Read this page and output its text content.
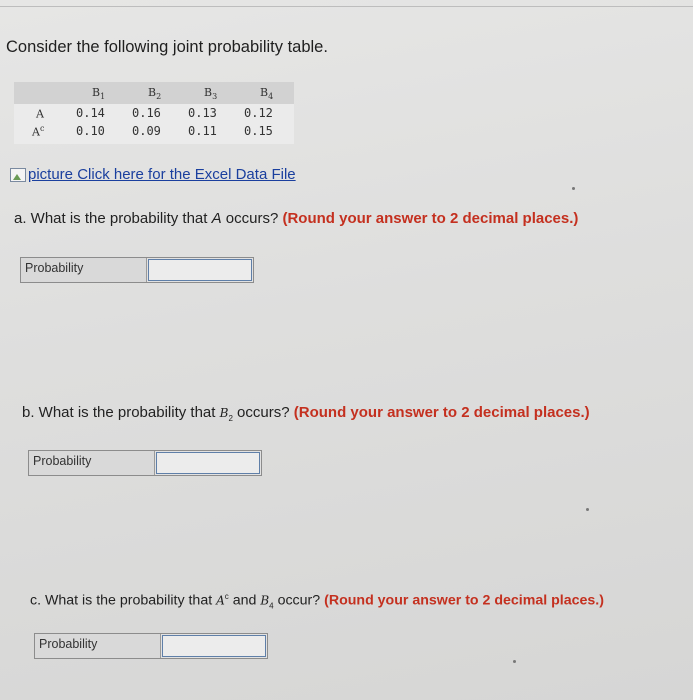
Consider the following joint probability table.
$B_1$	$B_2$	$B_3$	$B_4$
A	0.14 0.16 0.13 0.12
$A^c$	0.10 0.09 0.11 0.15
picture
Click here for the Excel Data File
a. What is the probability that A occurs? (Round your answer to 2 decimal places.)
Probability
b. What is the probability that $B_2$ occurs? (Round your answer to 2 decimal places.)
Probability
c. What is the probability that $A^c$ and $B_4$ occur? (Round your answer to 2 decimal places.)
Probability
